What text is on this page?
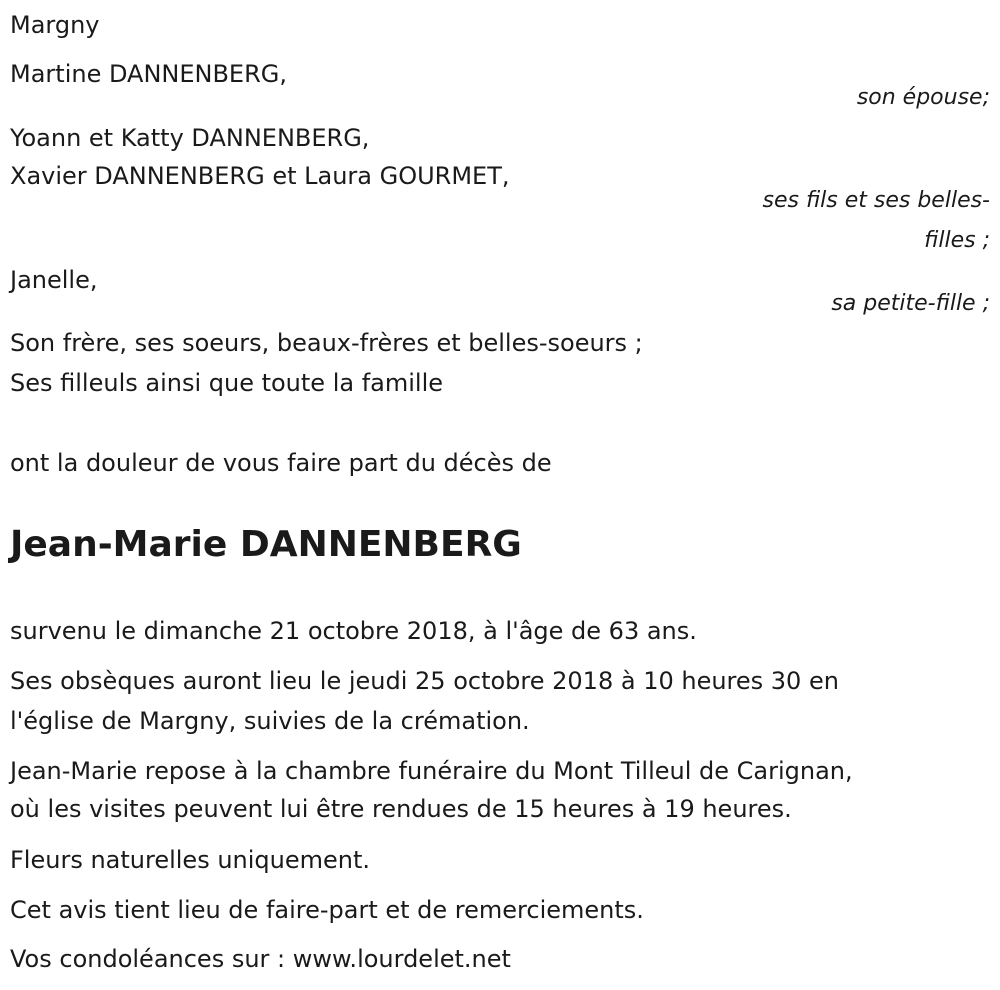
Margny

Martine DANNENBERG,

son épouse;

Yoann et Katty DANNENBERG,

Xavier DANNENBERG et Laura GOURMET,

ses fils et ses belles-

filles ;

Janelle,

sa petite-fille ;

Son frère, ses soeurs, beaux-frères et belles-soeurs ;

Ses filleuls ainsi que toute la famille

ont la douleur de vous faire part du décès de

Jean-Marie DANNENBERG

survenu le dimanche 21 octobre 2018, à l'âge de 63 ans.

Ses obsèques auront lieu le jeudi 25 octobre 2018 à 10 heures 30 en

l'église de Margny, suivies de la crémation.

Jean-Marie repose à la chambre funéraire du Mont Tilleul de Carignan,

où les visites peuvent lui être rendues de 15 heures à 19 heures.

Fleurs naturelles uniquement.

Cet avis tient lieu de faire-part et de remerciements.

Vos condoléances sur : www.lourdelet.net
